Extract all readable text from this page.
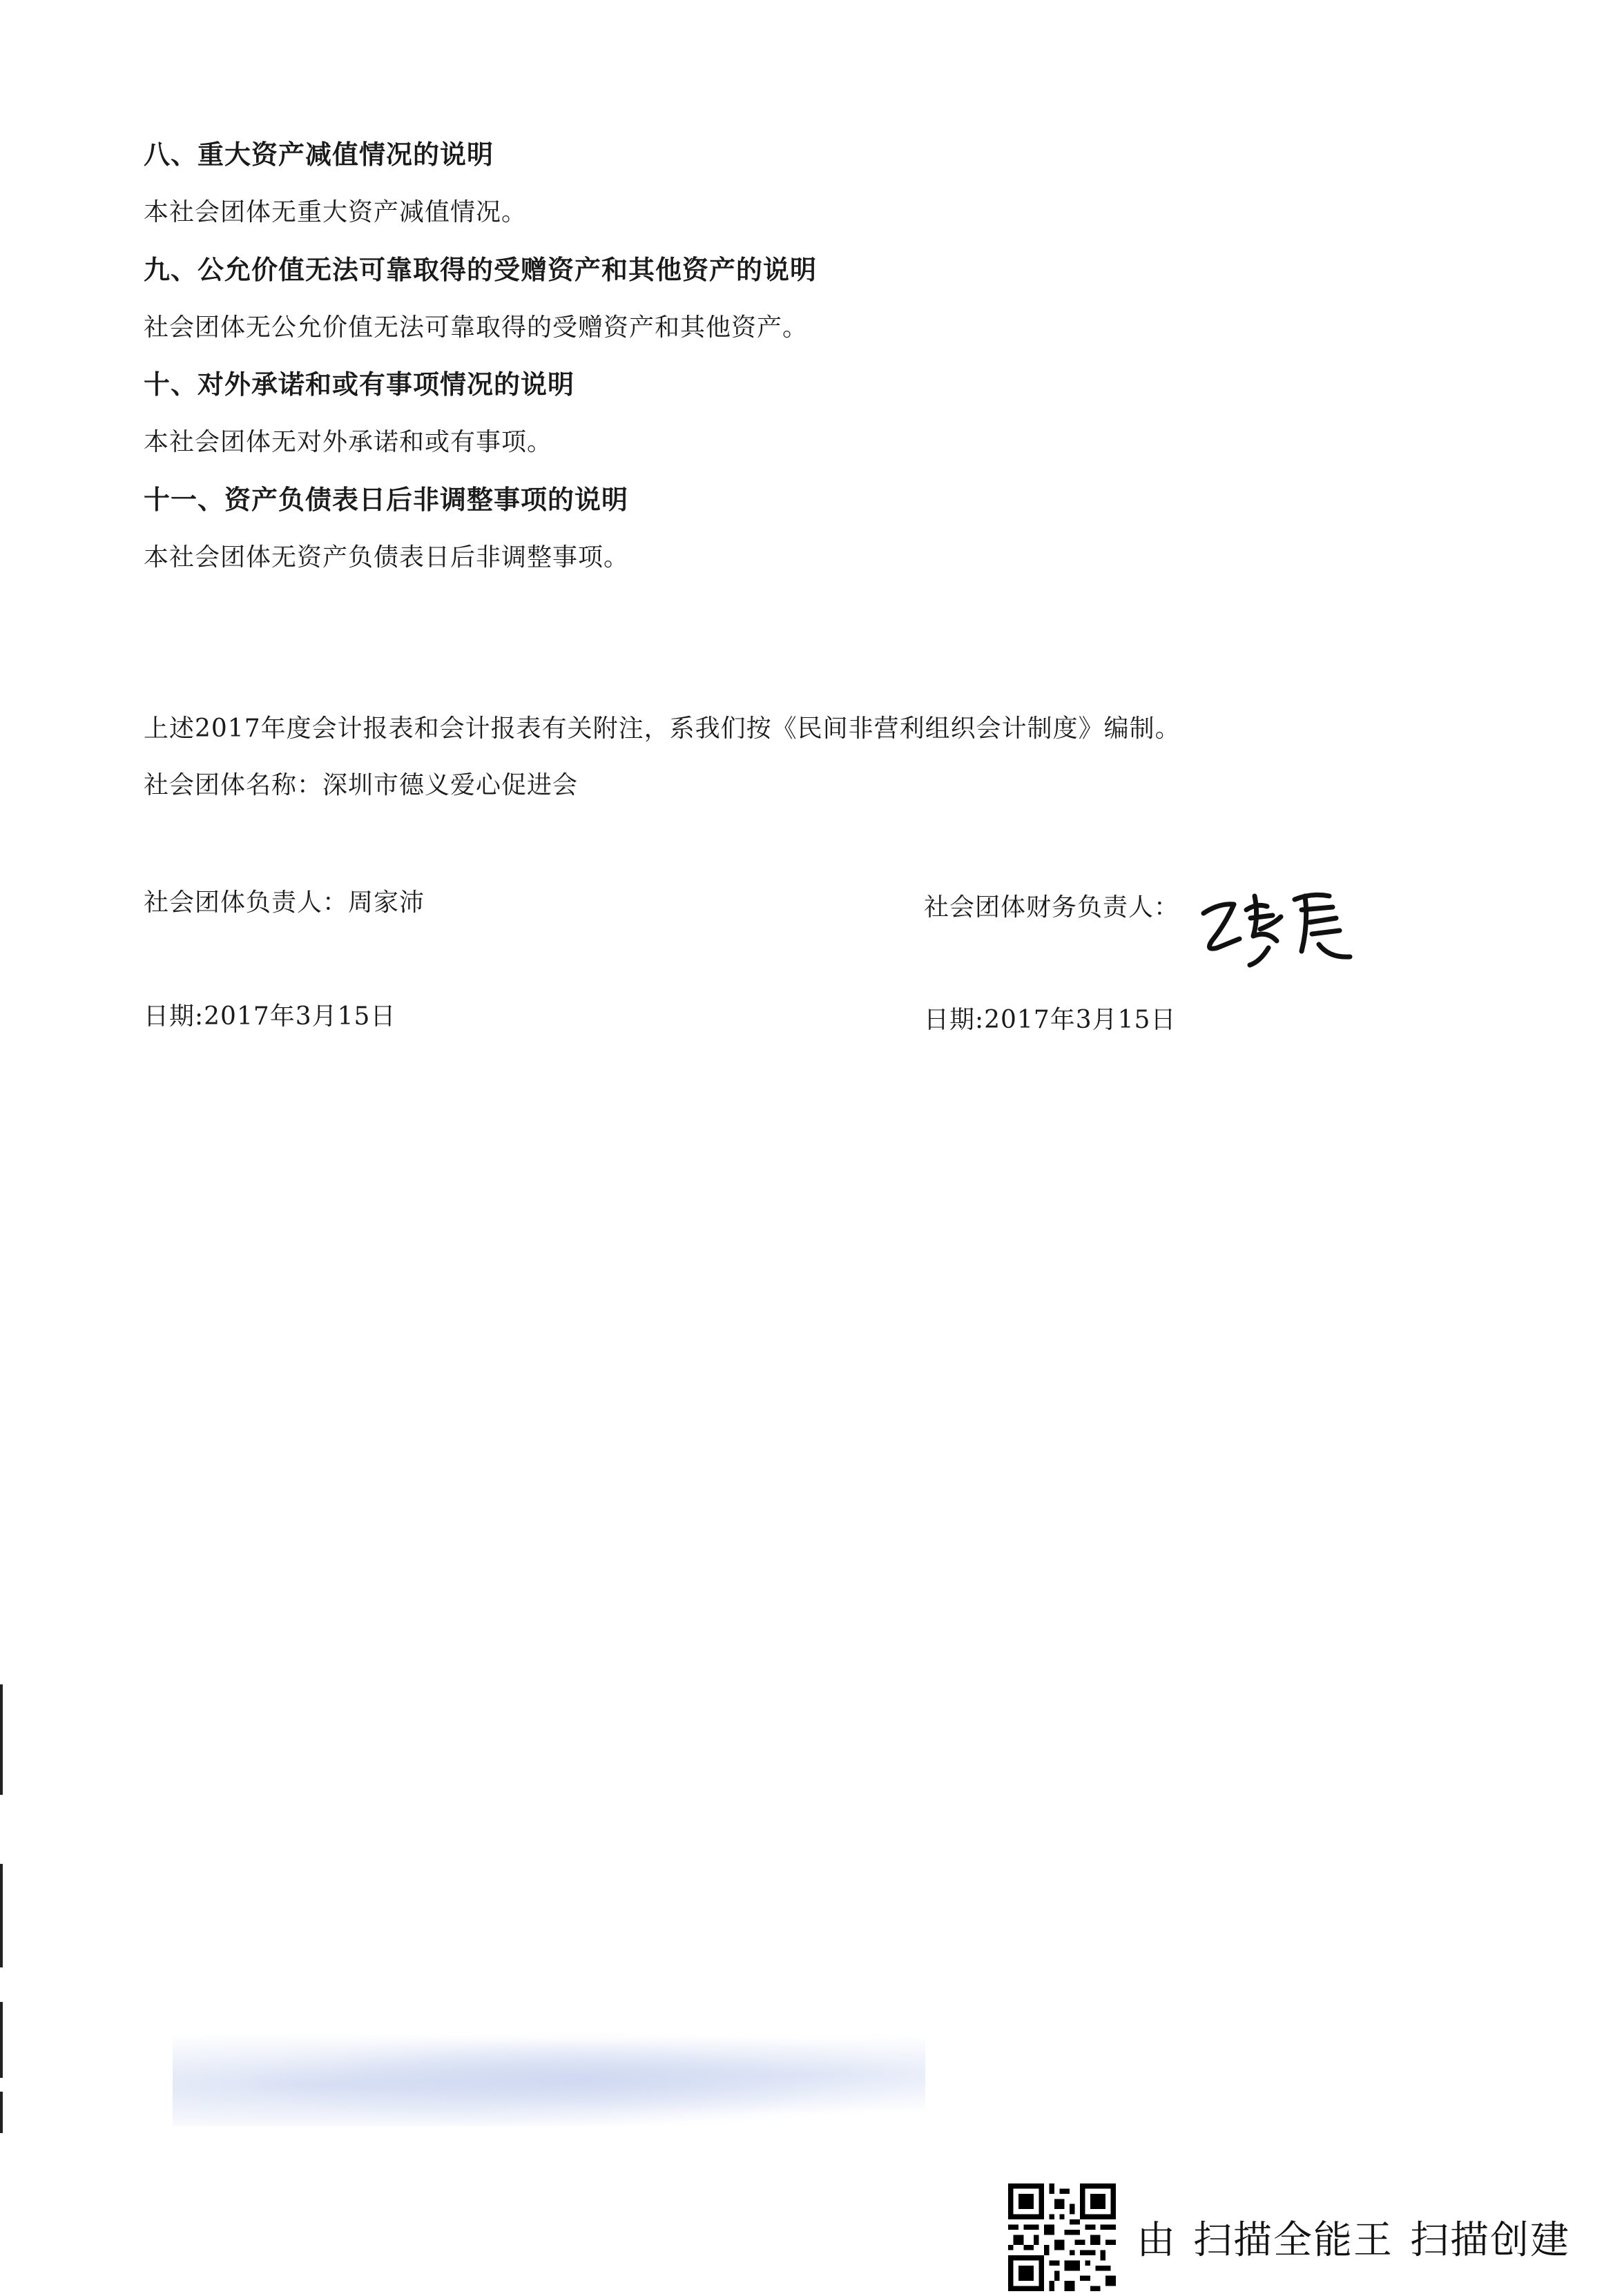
八、重大资产减值情况的说明
本社会团体无重大资产减值情况。
九、公允价值无法可靠取得的受赠资产和其他资产的说明
社会团体无公允价值无法可靠取得的受赠资产和其他资产。
十、对外承诺和或有事项情况的说明
本社会团体无对外承诺和或有事项。
十一、资产负债表日后非调整事项的说明
本社会团体无资产负债表日后非调整事项。
上述2017年度会计报表和会计报表有关附注，系我们按《民间非营利组织会计制度》编制。
社会团体名称：深圳市德义爱心促进会
社会团体负责人：周家沛	社会团体财务负责人：
日期:2017年3月15日	日期:2017年3月15日
由 扫描全能王 扫描创建
